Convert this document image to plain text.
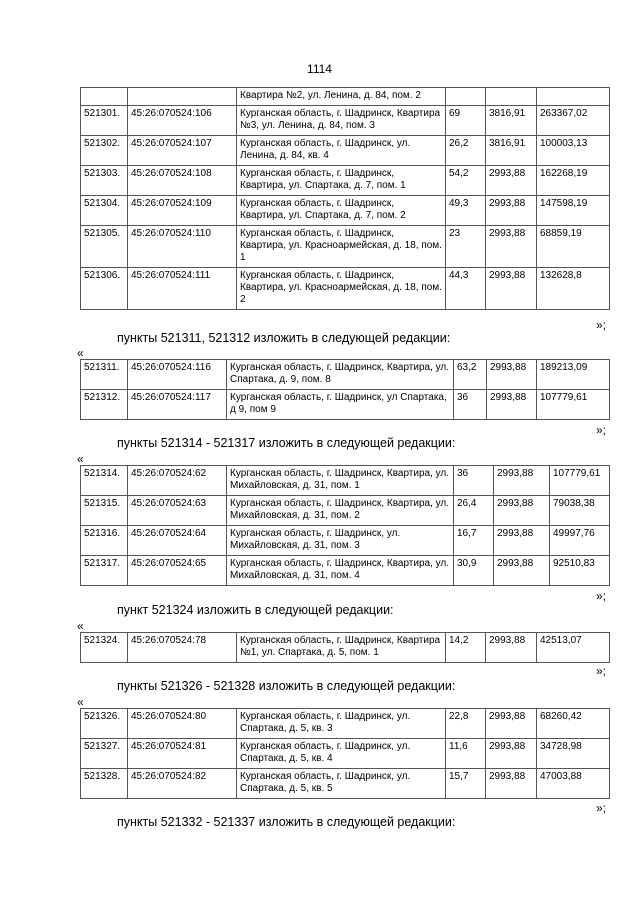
1114
		Квартира №2, ул. Ленина, д. 84, пом. 2			
521301.	45:26:070524:106	Курганская область, г. Шадринск, Квартира №3, ул. Ленина, д. 84, пом. 3	69	3816,91	263367,02
521302.	45:26:070524:107	Курганская область, г. Шадринск, ул. Ленина, д. 84, кв. 4	26,2	3816,91	100003,13
521303.	45:26:070524:108	Курганская область, г. Шадринск, Квартира, ул. Спартака, д. 7, пом. 1	54,2	2993,88	162268,19
521304.	45:26:070524:109	Курганская область, г. Шадринск, Квартира, ул. Спартака, д. 7, пом. 2	49,3	2993,88	147598,19
521305.	45:26:070524:110	Курганская область, г. Шадринск, Квартира, ул. Красноармейская, д. 18, пом. 1	23	2993,88	68859,19
521306.	45:26:070524:111	Курганская область, г. Шадринск, Квартира, ул. Красноармейская, д. 18, пом. 2	44,3	2993,88	132628,8
»;
пункты 521311, 521312 изложить в следующей редакции:
«
521311.	45:26:070524:116	Курганская область, г. Шадринск, Квартира, ул. Спартака, д. 9, пом. 8	63,2	2993,88	189213,09
521312.	45:26:070524:117	Курганская область, г. Шадринск, ул Спартака, д 9, пом 9	36	2993,88	107779,61
»;
пункты 521314 - 521317 изложить в следующей редакции:
«
521314.	45:26:070524:62	Курганская область, г. Шадринск, Квартира, ул. Михайловская, д. 31, пом. 1	36	2993,88	107779,61
521315.	45:26:070524:63	Курганская область, г. Шадринск, Квартира, ул. Михайловская, д. 31, пом. 2	26,4	2993,88	79038,38
521316.	45:26:070524:64	Курганская область, г. Шадринск, ул. Михайловская, д. 31, пом. 3	16,7	2993,88	49997,76
521317.	45:26:070524:65	Курганская область, г. Шадринск, Квартира, ул. Михайловская, д. 31, пом. 4	30,9	2993,88	92510,83
»;
пункт 521324 изложить в следующей редакции:
«
521324.	45:26:070524:78	Курганская область, г. Шадринск, Квартира №1, ул. Спартака, д. 5, пом. 1	14,2	2993,88	42513,07
»;
пункты 521326 - 521328 изложить в следующей редакции:
«
521326.	45:26:070524:80	Курганская область, г. Шадринск, ул. Спартака, д. 5, кв. 3	22,8	2993,88	68260,42
521327.	45:26:070524:81	Курганская область, г. Шадринск, ул. Спартака, д. 5, кв. 4	11,6	2993,88	34728,98
521328.	45:26:070524:82	Курганская область, г. Шадринск, ул. Спартака, д. 5, кв. 5	15,7	2993,88	47003,88
»;
пункты 521332 - 521337 изложить в следующей редакции:
